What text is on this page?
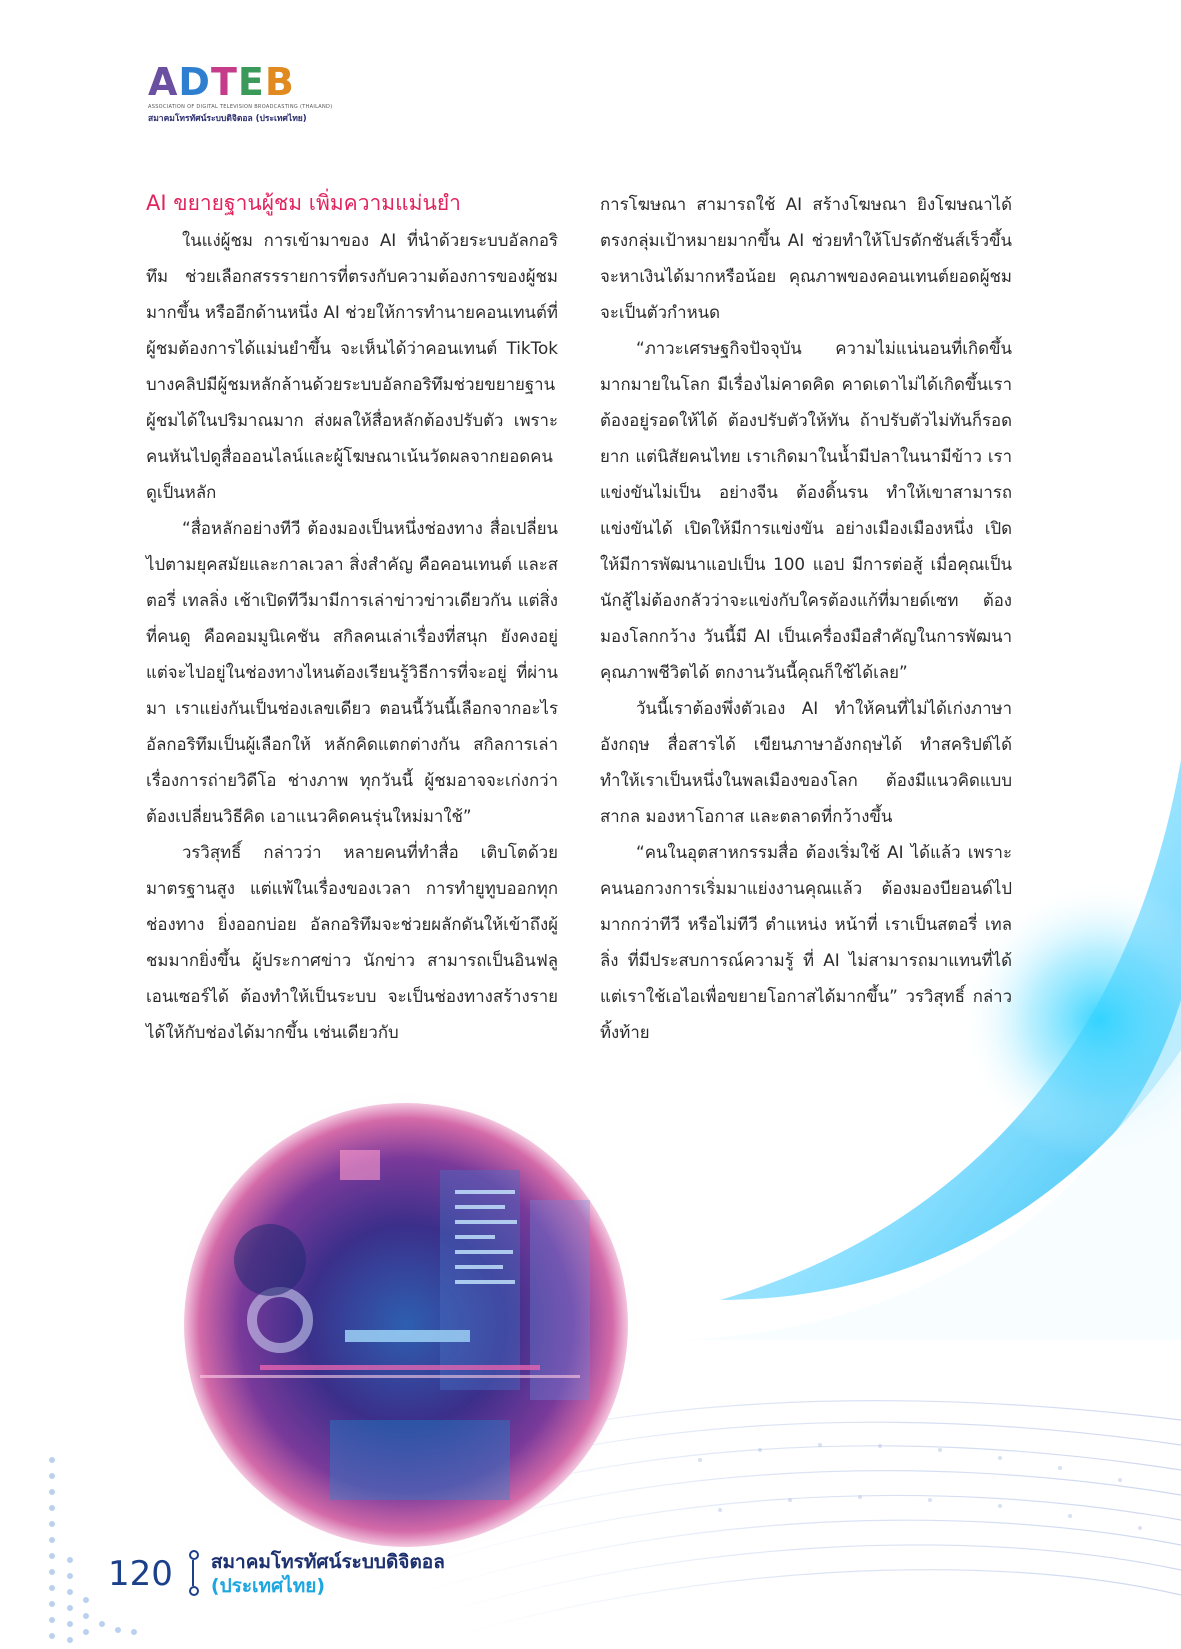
ADTEB
ASSOCIATION OF DIGITAL TELEVISION BROADCASTING (THAILAND)
สมาคมโทรทัศน์ระบบดิจิตอล (ประเทศไทย)
AI ขยายฐานผู้ชม เพิ่มความแม่นยำ

ในแง่ผู้ชม การเข้ามาของ AI ที่นำด้วยระบบอัลกอริทึม ช่วยเลือกสรรรายการที่ตรงกับความต้องการของผู้ชมมากขึ้น หรืออีกด้านหนึ่ง AI ช่วยให้การทำนายคอนเทนต์ที่ผู้ชมต้องการได้แม่นยำขึ้น จะเห็นได้ว่าคอนเทนต์ TikTok บางคลิปมีผู้ชมหลักล้านด้วยระบบอัลกอริทึมช่วยขยายฐานผู้ชมได้ในปริมาณมาก ส่งผลให้สื่อหลักต้องปรับตัว เพราะคนหันไปดูสื่อออนไลน์และผู้โฆษณาเน้นวัดผลจากยอดคนดูเป็นหลัก

“สื่อหลักอย่างทีวี ต้องมองเป็นหนึ่งช่องทาง สื่อเปลี่ยนไปตามยุคสมัยและกาลเวลา สิ่งสำคัญ คือคอนเทนต์ และสตอรี่ เทลลิ่ง เช้าเปิดทีวีมามีการเล่าข่าวข่าวเดียวกัน แต่สิ่งที่คนดู คือคอมมูนิเคชัน สกิลคนเล่าเรื่องที่สนุก ยังคงอยู่ แต่จะไปอยู่ในช่องทางไหนต้องเรียนรู้วิธีการที่จะอยู่ ที่ผ่านมา เราแย่งกันเป็นช่องเลขเดียว ตอนนี้วันนี้เลือกจากอะไร อัลกอริทึมเป็นผู้เลือกให้ หลักคิดแตกต่างกัน สกิลการเล่าเรื่องการถ่ายวิดีโอ ช่างภาพ ทุกวันนี้ ผู้ชมอาจจะเก่งกว่าต้องเปลี่ยนวิธีคิด เอาแนวคิดคนรุ่นใหม่มาใช้”

วรวิสุทธิ์ กล่าวว่า หลายคนที่ทำสื่อ เติบโตด้วยมาตรฐานสูง แต่แพ้ในเรื่องของเวลา การทำยูทูบออกทุกช่องทาง ยิ่งออกบ่อย อัลกอริทึมจะช่วยผลักดันให้เข้าถึงผู้ชมมากยิ่งขึ้น ผู้ประกาศข่าว นักข่าว สามารถเป็นอินฟลูเอนเซอร์ได้ ต้องทำให้เป็นระบบ จะเป็นช่องทางสร้างรายได้ให้กับช่องได้มากขึ้น เช่นเดียวกับ

การโฆษณา สามารถใช้ AI สร้างโฆษณา ยิงโฆษณาได้ตรงกลุ่มเป้าหมายมากขึ้น AI ช่วยทำให้โปรดักชันส์เร็วขึ้น จะหาเงินได้มากหรือน้อย คุณภาพของคอนเทนต์ยอดผู้ชม จะเป็นตัวกำหนด

“ภาวะเศรษฐกิจปัจจุบัน ความไม่แน่นอนที่เกิดขึ้นมากมายในโลก มีเรื่องไม่คาดคิด คาดเดาไม่ได้เกิดขึ้นเราต้องอยู่รอดให้ได้ ต้องปรับตัวให้ทัน ถ้าปรับตัวไม่ทันก็รอดยาก แต่นิสัยคนไทย เราเกิดมาในน้ำมีปลาในนามีข้าว เราแข่งขันไม่เป็น อย่างจีน ต้องดิ้นรน ทำให้เขาสามารถแข่งขันได้ เปิดให้มีการแข่งขัน อย่างเมืองเมืองหนึ่ง เปิดให้มีการพัฒนาแอปเป็น 100 แอป มีการต่อสู้ เมื่อคุณเป็นนักสู้ไม่ต้องกลัวว่าจะแข่งกับใครต้องแก้ที่มายด์เซท ต้องมองโลกกว้าง วันนี้มี AI เป็นเครื่องมือสำคัญในการพัฒนาคุณภาพชีวิตได้ ตกงานวันนี้คุณก็ใช้ได้เลย”

วันนี้เราต้องพึ่งตัวเอง AI ทำให้คนที่ไม่ได้เก่งภาษาอังกฤษ สื่อสารได้ เขียนภาษาอังกฤษได้ ทำสคริปต์ได้ทำให้เราเป็นหนึ่งในพลเมืองของโลก ต้องมีแนวคิดแบบสากล มองหาโอกาส และตลาดที่กว้างขึ้น

“คนในอุตสาหกรรมสื่อ ต้องเริ่มใช้ AI ได้แล้ว เพราะคนนอกวงการเริ่มมาแย่งงานคุณแล้ว ต้องมองบียอนด์ไปมากกว่าทีวี หรือไม่ทีวี ตำแหน่ง หน้าที่ เราเป็นสตอรี่ เทลลิ่ง ที่มีประสบการณ์ความรู้ ที่ AI ไม่สามารถมาแทนที่ได้ แต่เราใช้เอไอเพื่อขยายโอกาสได้มากขึ้น” วรวิสุทธิ์ กล่าวทิ้งท้าย

120 สมาคมโทรทัศน์ระบบดิจิตอล
(ประเทศไทย)
